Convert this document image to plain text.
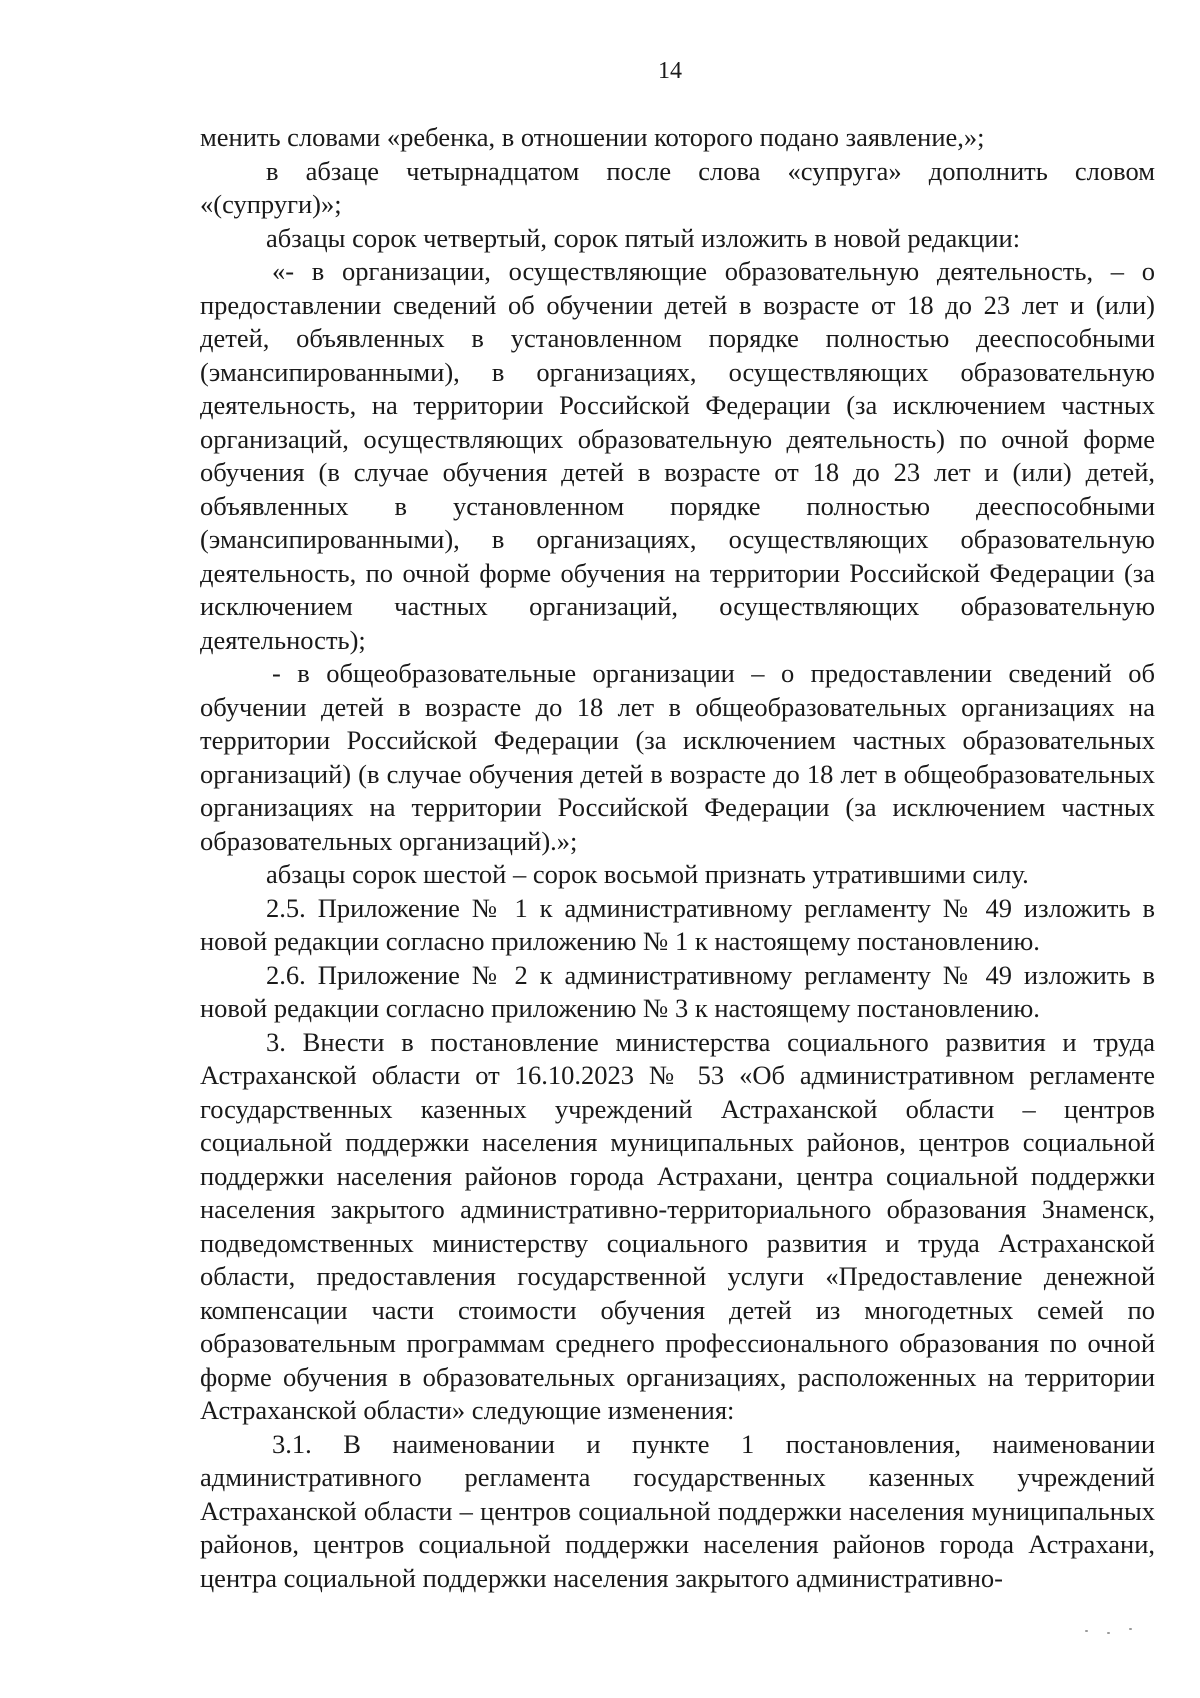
14

менить словами «ребенка, в отношении которого подано заявление,»;

в абзаце четырнадцатом после слова «супруга» дополнить словом «(супруги)»;

абзацы сорок четвертый, сорок пятый изложить в новой редакции:

«- в организации, осуществляющие образовательную деятельность, – о предоставлении сведений об обучении детей в возрасте от 18 до 23 лет и (или) детей, объявленных в установленном порядке полностью дееспособными (эмансипированными), в организациях, осуществляющих образовательную деятельность, на территории Российской Федерации (за исключением частных организаций, осуществляющих образовательную деятельность) по очной форме обучения (в случае обучения детей в возрасте от 18 до 23 лет и (или) детей, объявленных в установленном порядке полностью дееспособными (эмансипированными), в организациях, осуществляющих образовательную деятельность, по очной форме обучения на территории Российской Федерации (за исключением частных организаций, осуществляющих образовательную деятельность);

- в общеобразовательные организации – о предоставлении сведений об обучении детей в возрасте до 18 лет в общеобразовательных организациях на территории Российской Федерации (за исключением частных образовательных организаций) (в случае обучения детей в возрасте до 18 лет в общеобразовательных организациях на территории Российской Федерации (за исключением частных образовательных организаций).»;

абзацы сорок шестой – сорок восьмой признать утратившими силу.

2.5. Приложение № 1 к административному регламенту № 49 изложить в новой редакции согласно приложению № 1 к настоящему постановлению.

2.6. Приложение № 2 к административному регламенту № 49 изложить в новой редакции согласно приложению № 3 к настоящему постановлению.

3. Внести в постановление министерства социального развития и труда Астраханской области от 16.10.2023 № 53 «Об административном регламенте государственных казенных учреждений Астраханской области – центров социальной поддержки населения муниципальных районов, центров социальной поддержки населения районов города Астрахани, центра социальной поддержки населения закрытого административно-территориального образования Знаменск, подведомственных министерству социального развития и труда Астраханской области, предоставления государственной услуги «Предоставление денежной компенсации части стоимости обучения детей из многодетных семей по образовательным программам среднего профессионального образования по очной форме обучения в образовательных организациях, расположенных на территории Астраханской области» следующие изменения:

3.1. В наименовании и пункте 1 постановления, наименовании административного регламента государственных казенных учреждений Астраханской области – центров социальной поддержки населения муниципальных районов, центров социальной поддержки населения районов города Астрахани, центра социальной поддержки населения закрытого административно-
